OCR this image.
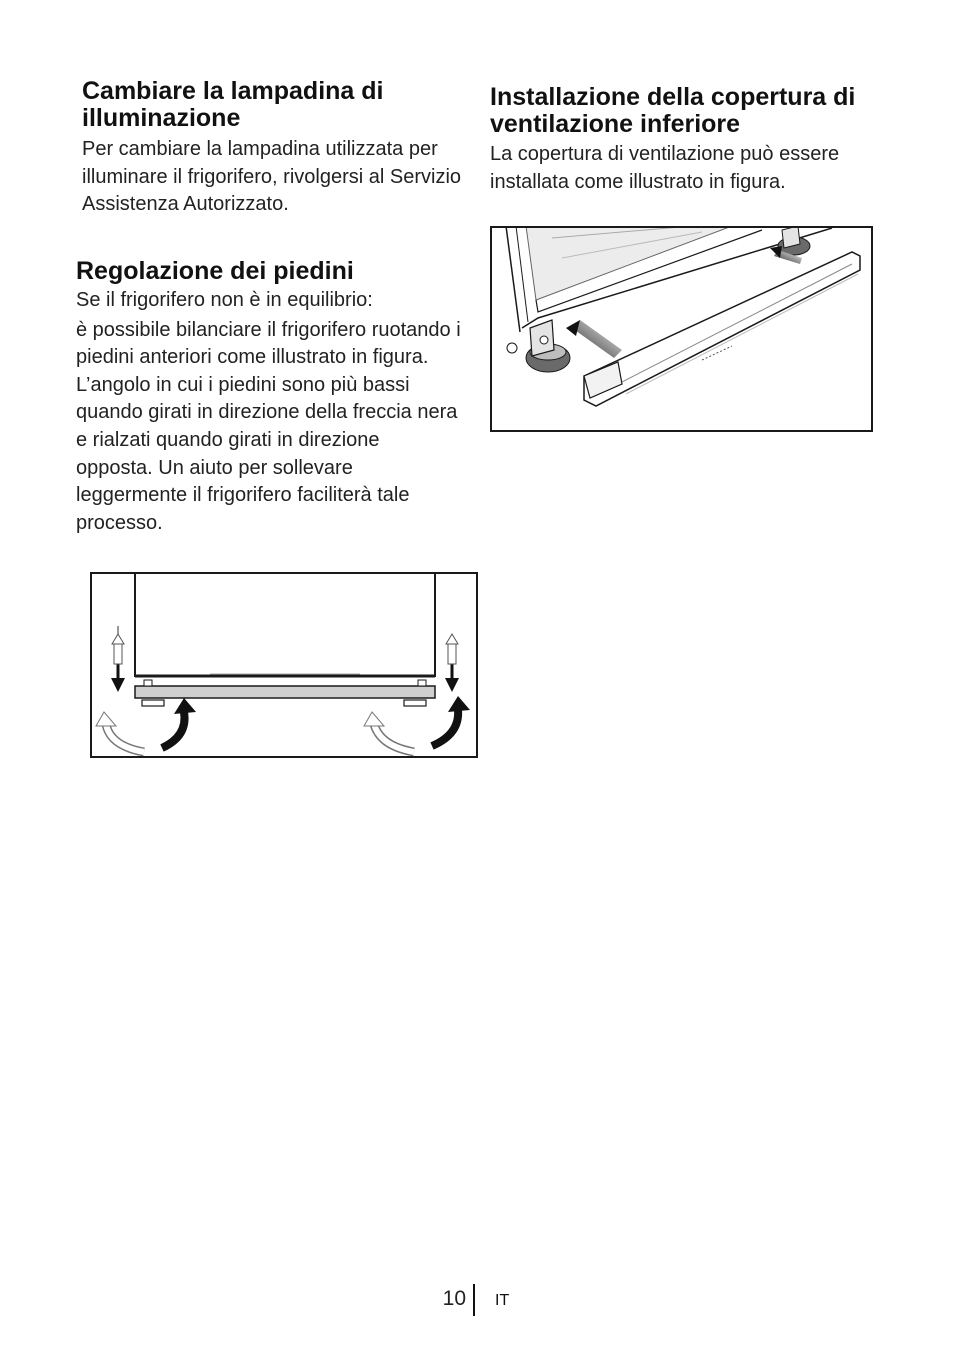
Cambiare la lampadina di illuminazione

Per cambiare la lampadina utilizzata per illuminare il frigorifero, rivolgersi al Servizio Assistenza Autorizzato.

Regolazione dei piedini

Se il frigorifero non è in equilibrio:

è possibile bilanciare il frigorifero ruotando i piedini anteriori come illustrato in figura. L’angolo in cui i piedini sono più bassi quando girati in direzione della freccia nera e rialzati quando girati in direzione opposta. Un aiuto per sollevare leggermente il frigorifero faciliterà tale processo.

Installazione della copertura di ventilazione inferiore

La copertura di ventilazione può essere installata come illustrato in figura.

10 IT
